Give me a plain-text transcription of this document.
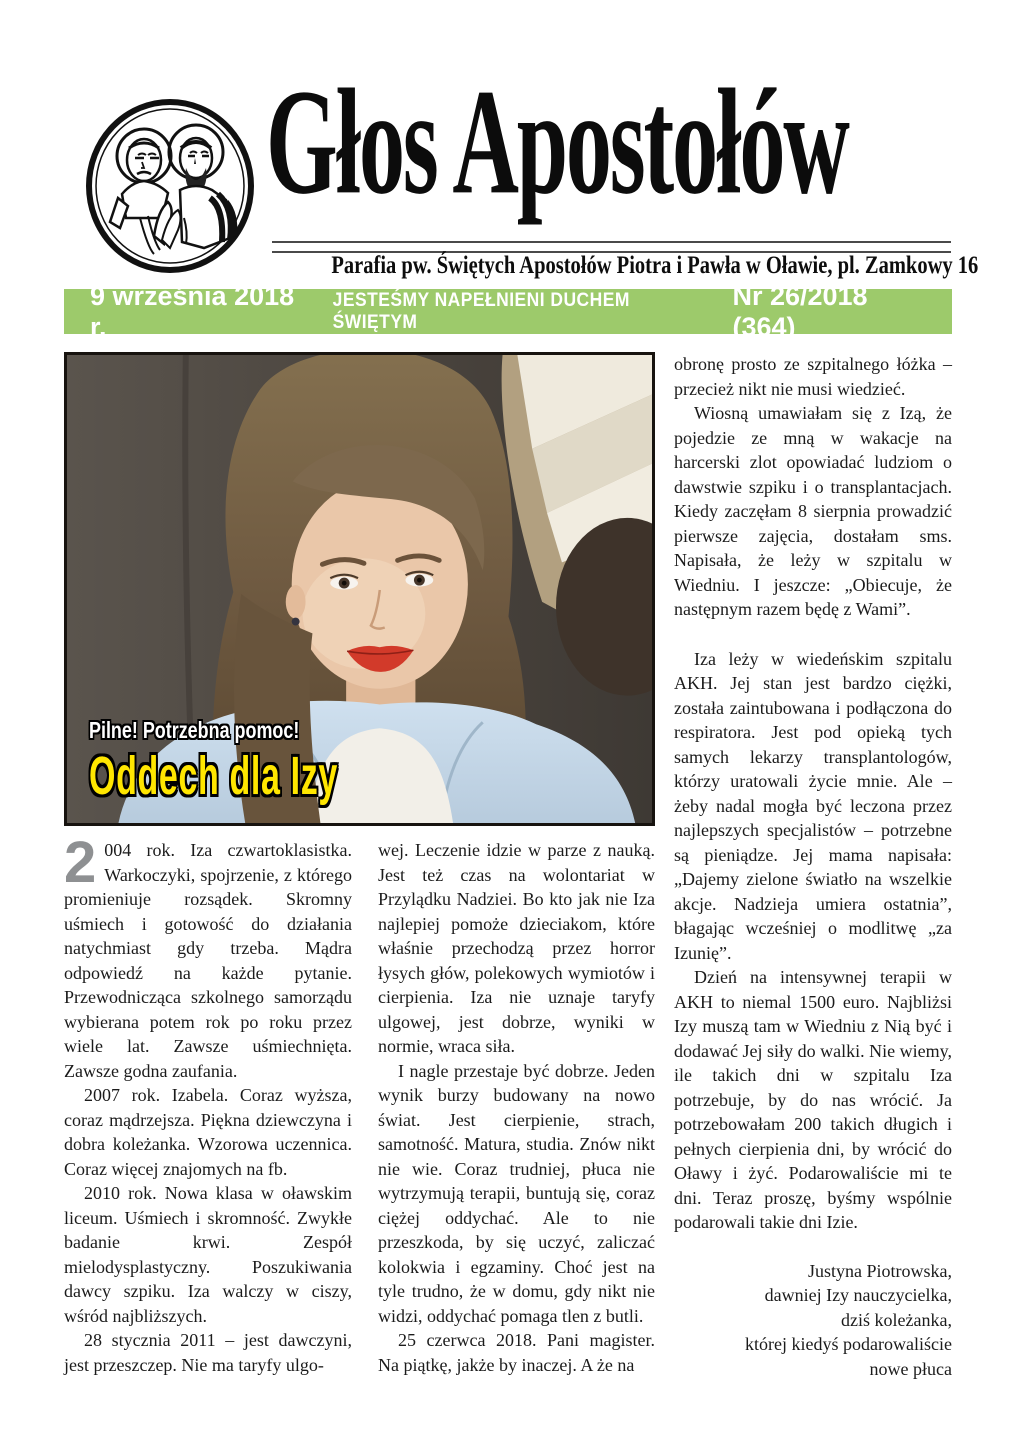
Głos Apostołów
Parafia pw. Świętych Apostołów Piotra i Pawła w Oławie, pl. Zamkowy 16
9 września 2018 r.
JESTEŚMY NAPEŁNIENI DUCHEM ŚWIĘTYM
Nr 26/2018 (364)
Pilne! Potrzebna pomoc!
Oddech dla Izy

obronę prosto ze szpitalnego łóżka – przecież nikt nie musi wiedzieć.

Wiosną umawiałam się z Izą, że pojedzie ze mną w wakacje na harcerski zlot opowiadać ludziom o dawstwie szpiku i o transplantacjach. Kiedy zaczęłam 8 sierpnia prowadzić pierwsze zajęcia, dostałam sms. Napisała, że leży w szpitalu w Wiedniu. I jeszcze: „Obiecuje, że następnym razem będę z Wami”.

Iza leży w wiedeńskim szpitalu AKH. Jej stan jest bardzo ciężki, została zaintubowana i podłączona do respiratora. Jest pod opieką tych samych lekarzy transplantologów, którzy uratowali życie mnie. Ale – żeby nadal mogła być leczona przez najlepszych specjalistów – potrzebne są pieniądze. Jej mama napisała: „Dajemy zielone światło na wszelkie akcje. Nadzieja umiera ostatnia”, błagając wcześniej o modlitwę „za Izunię”.

Dzień na intensywnej terapii w AKH to niemal 1500 euro. Najbliżsi Izy muszą tam w Wiedniu z Nią być i dodawać Jej siły do walki. Nie wiemy, ile takich dni w szpitalu Iza potrzebuje, by do nas wrócić. Ja potrzebowałam 200 takich długich i pełnych cierpienia dni, by wrócić do Oławy i żyć. Podarowaliście mi te dni. Teraz proszę, byśmy wspólnie podarowali takie dni Izie.

Justyna Piotrowska,
dawniej Izy nauczycielka,
dziś koleżanka,
której kiedyś podarowaliście
nowe płuca

2 004 rok. Iza czwartoklasistka. Warkoczyki, spojrzenie, z którego promieniuje rozsądek. Skromny uśmiech i gotowość do działania natychmiast gdy trzeba. Mądra odpowiedź na każde pytanie. Przewodnicząca szkolnego samorządu wybierana potem rok po roku przez wiele lat. Zawsze uśmiechnięta. Zawsze godna zaufania.

2007 rok. Izabela. Coraz wyższa, coraz mądrzejsza. Piękna dziewczyna i dobra koleżanka. Wzorowa uczennica. Coraz więcej znajomych na fb.

2010 rok. Nowa klasa w oławskim liceum. Uśmiech i skromność. Zwykłe badanie krwi. Zespół mielodysplastyczny. Poszukiwania dawcy szpiku. Iza walczy w ciszy, wśród najbliższych.

28 stycznia 2011 – jest dawczyni, jest przeszczep. Nie ma taryfy ulgo-

wej. Leczenie idzie w parze z nauką. Jest też czas na wolontariat w Przylądku Nadziei. Bo kto jak nie Iza najlepiej pomoże dzieciakom, które właśnie przechodzą przez horror łysych głów, polekowych wymiotów i cierpienia. Iza nie uznaje taryfy ulgowej, jest dobrze, wyniki w normie, wraca siła.

I nagle przestaje być dobrze. Jeden wynik burzy budowany na nowo świat. Jest cierpienie, strach, samotność. Matura, studia. Znów nikt nie wie. Coraz trudniej, płuca nie wytrzymują terapii, buntują się, coraz ciężej oddychać. Ale to nie przeszkoda, by się uczyć, zaliczać kolokwia i egzaminy. Choć jest na tyle trudno, że w domu, gdy nikt nie widzi, oddychać pomaga tlen z butli.

25 czerwca 2018. Pani magister. Na piątkę, jakże by inaczej. A że na
